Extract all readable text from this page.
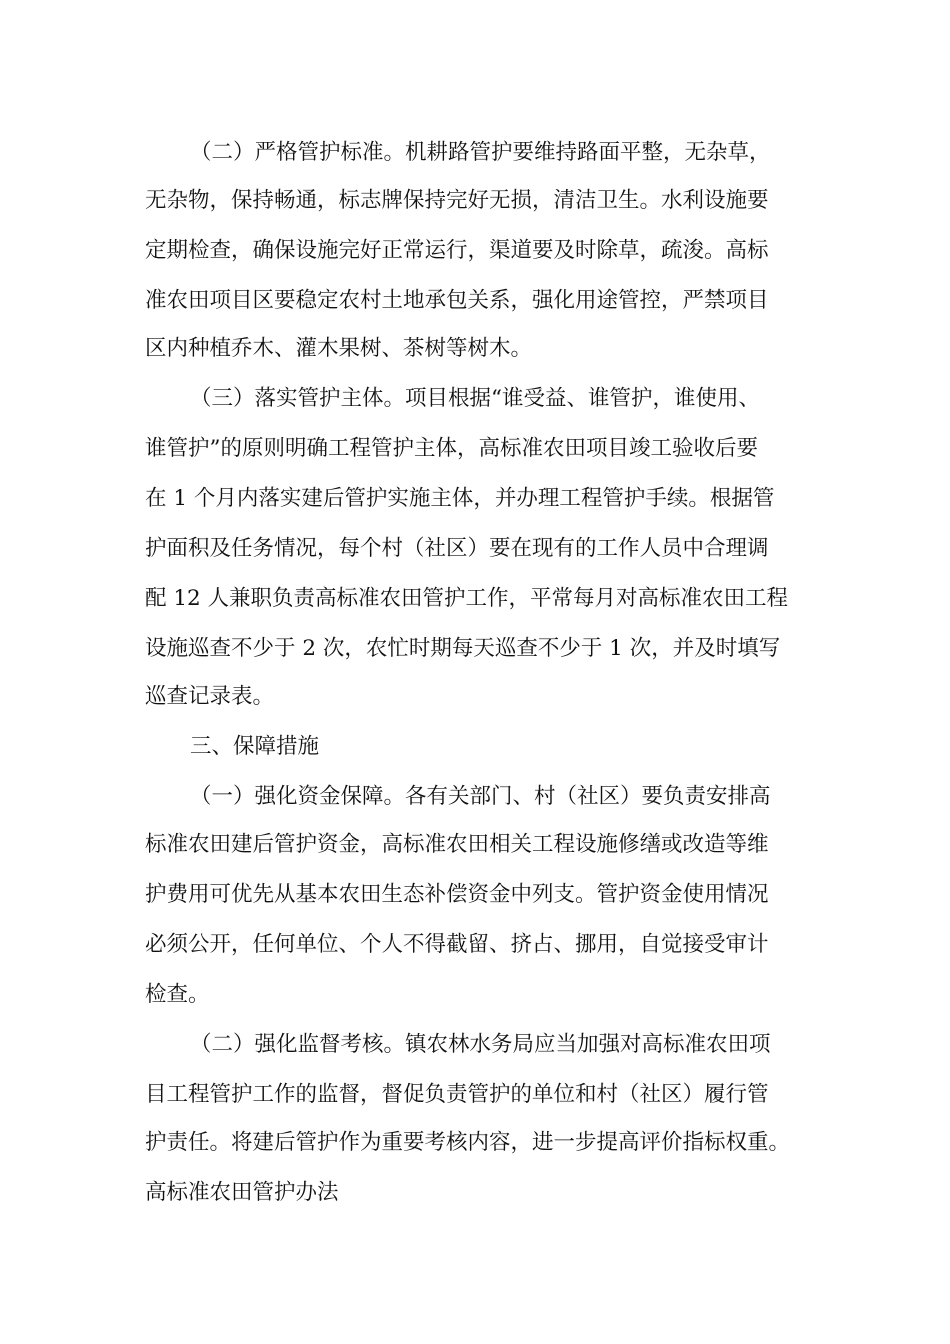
（二）严格管护标准。机耕路管护要维持路面平整，无杂草，

无杂物，保持畅通，标志牌保持完好无损，清洁卫生。水利设施要

定期检查，确保设施完好正常运行，渠道要及时除草，疏浚。高标

准农田项目区要稳定农村土地承包关系，强化用途管控，严禁项目

区内种植乔木、灌木果树、茶树等树木。

（三）落实管护主体。项目根据“谁受益、谁管护，谁使用、

谁管护”的原则明确工程管护主体，高标准农田项目竣工验收后要

在 1 个月内落实建后管护实施主体，并办理工程管护手续。根据管

护面积及任务情况，每个村（社区）要在现有的工作人员中合理调

配 12 人兼职负责高标准农田管护工作，平常每月对高标准农田工程

设施巡查不少于 2 次，农忙时期每天巡查不少于 1 次，并及时填写

巡查记录表。

三、保障措施

（一）强化资金保障。各有关部门、村（社区）要负责安排高

标准农田建后管护资金，高标准农田相关工程设施修缮或改造等维

护费用可优先从基本农田生态补偿资金中列支。管护资金使用情况

必须公开，任何单位、个人不得截留、挤占、挪用，自觉接受审计

检查。

（二）强化监督考核。镇农林水务局应当加强对高标准农田项

目工程管护工作的监督，督促负责管护的单位和村（社区）履行管

护责任。将建后管护作为重要考核内容，进一步提高评价指标权重。

高标准农田管护办法
